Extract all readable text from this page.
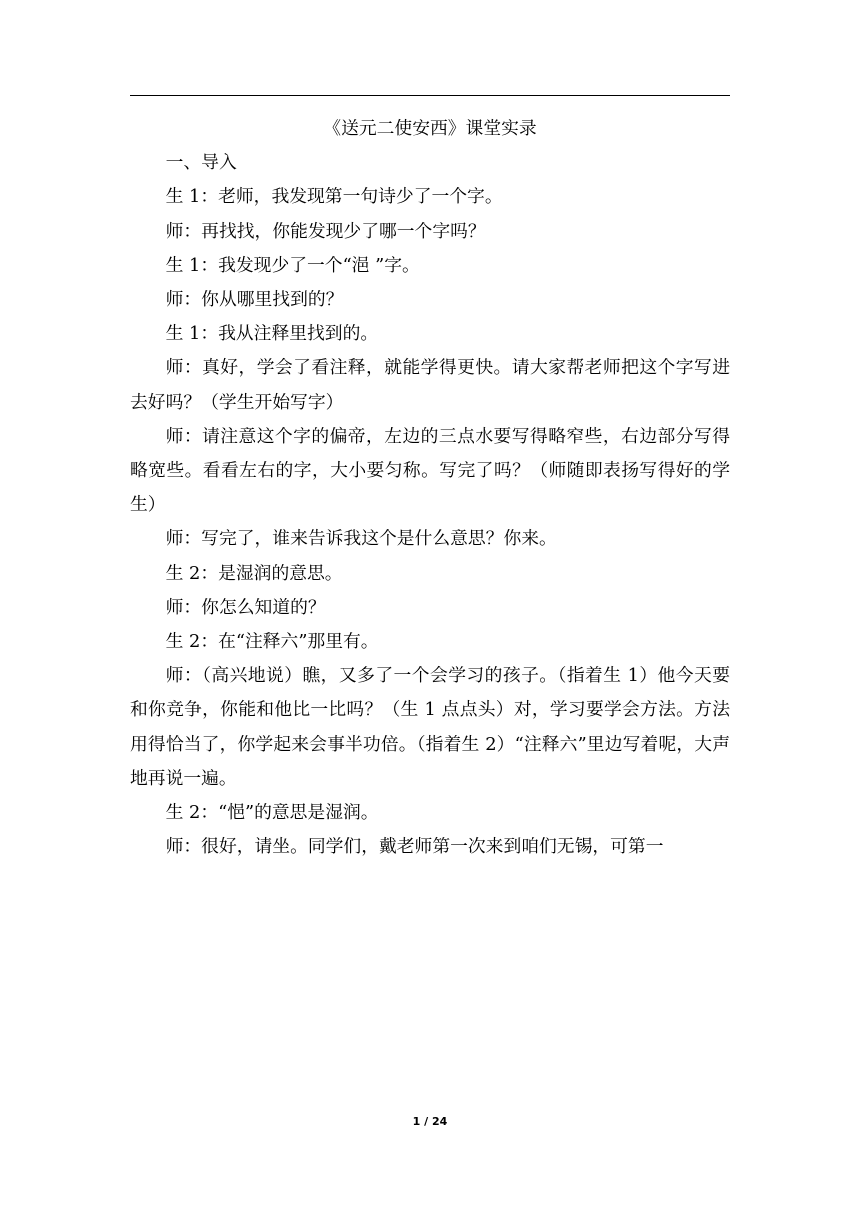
《送元二使安西》课堂实录

一、导入

生 1：老师，我发现第一句诗少了一个字。

师：再找找，你能发现少了哪一个字吗？

生 1：我发现少了一个“浥 ”字。

师：你从哪里找到的？

生 1：我从注释里找到的。

师：真好，学会了看注释，就能学得更快。请大家帮老师把这个字写进去好吗？（学生开始写字）

师：请注意这个字的偏帝，左边的三点水要写得略窄些，右边部分写得略宽些。看看左右的字，大小要匀称。写完了吗？（师随即表扬写得好的学生）

师：写完了，谁来告诉我这个是什么意思？你来。

生 2：是湿润的意思。

师：你怎么知道的？

生 2：在“注释六”那里有。

师：（高兴地说）瞧，又多了一个会学习的孩子。（指着生 1）他今天要和你竞争，你能和他比一比吗？（生 1 点点头）对，学习要学会方法。方法用得恰当了，你学起来会事半功倍。（指着生 2）“注释六”里边写着呢，大声地再说一遍。

生 2：“悒”的意思是湿润。

师：很好，请坐。同学们，戴老师第一次来到咱们无锡，可第一

1 / 24
